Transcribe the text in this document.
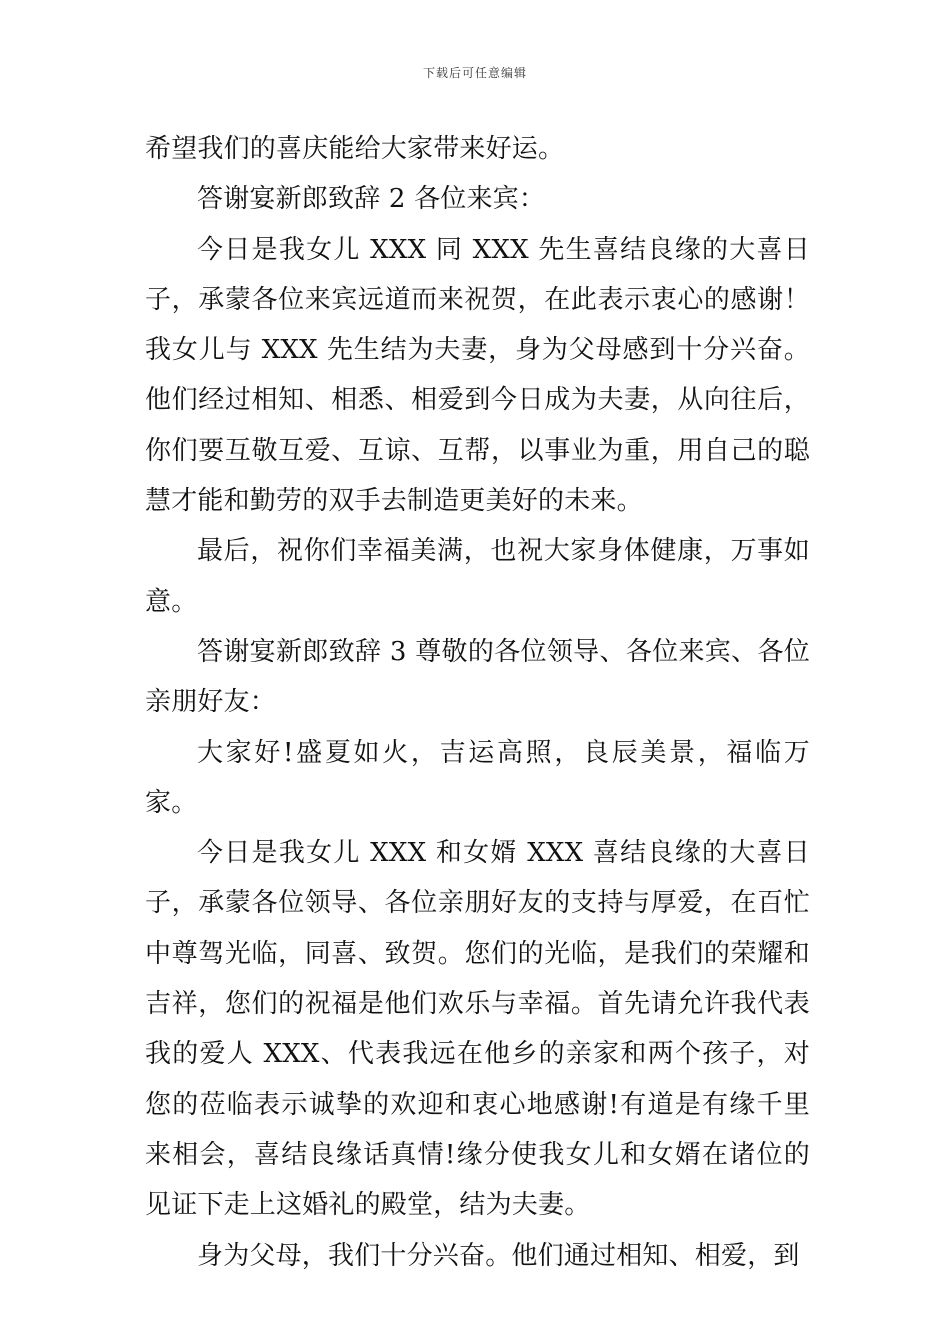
下载后可任意编辑

希望我们的喜庆能给大家带来好运。

答谢宴新郎致辞 2 各位来宾：

今日是我女儿 XXX 同 XXX 先生喜结良缘的大喜日子，承蒙各位来宾远道而来祝贺，在此表示衷心的感谢！我女儿与 XXX 先生结为夫妻，身为父母感到十分兴奋。他们经过相知、相悉、相爱到今日成为夫妻，从向往后，你们要互敬互爱、互谅、互帮，以事业为重，用自己的聪慧才能和勤劳的双手去制造更美好的未来。

最后，祝你们幸福美满，也祝大家身体健康，万事如意。

答谢宴新郎致辞 3 尊敬的各位领导、各位来宾、各位亲朋好友：

大家好!盛夏如火，吉运高照，良辰美景，福临万家。

今日是我女儿 XXX 和女婿 XXX 喜结良缘的大喜日子，承蒙各位领导、各位亲朋好友的支持与厚爱，在百忙中尊驾光临，同喜、致贺。您们的光临，是我们的荣耀和吉祥，您们的祝福是他们欢乐与幸福。首先请允许我代表我的爱人 XXX、代表我远在他乡的亲家和两个孩子，对您的莅临表示诚挚的欢迎和衷心地感谢!有道是有缘千里来相会，喜结良缘话真情!缘分使我女儿和女婿在诸位的见证下走上这婚礼的殿堂，结为夫妻。

身为父母，我们十分兴奋。他们通过相知、相爱，到
